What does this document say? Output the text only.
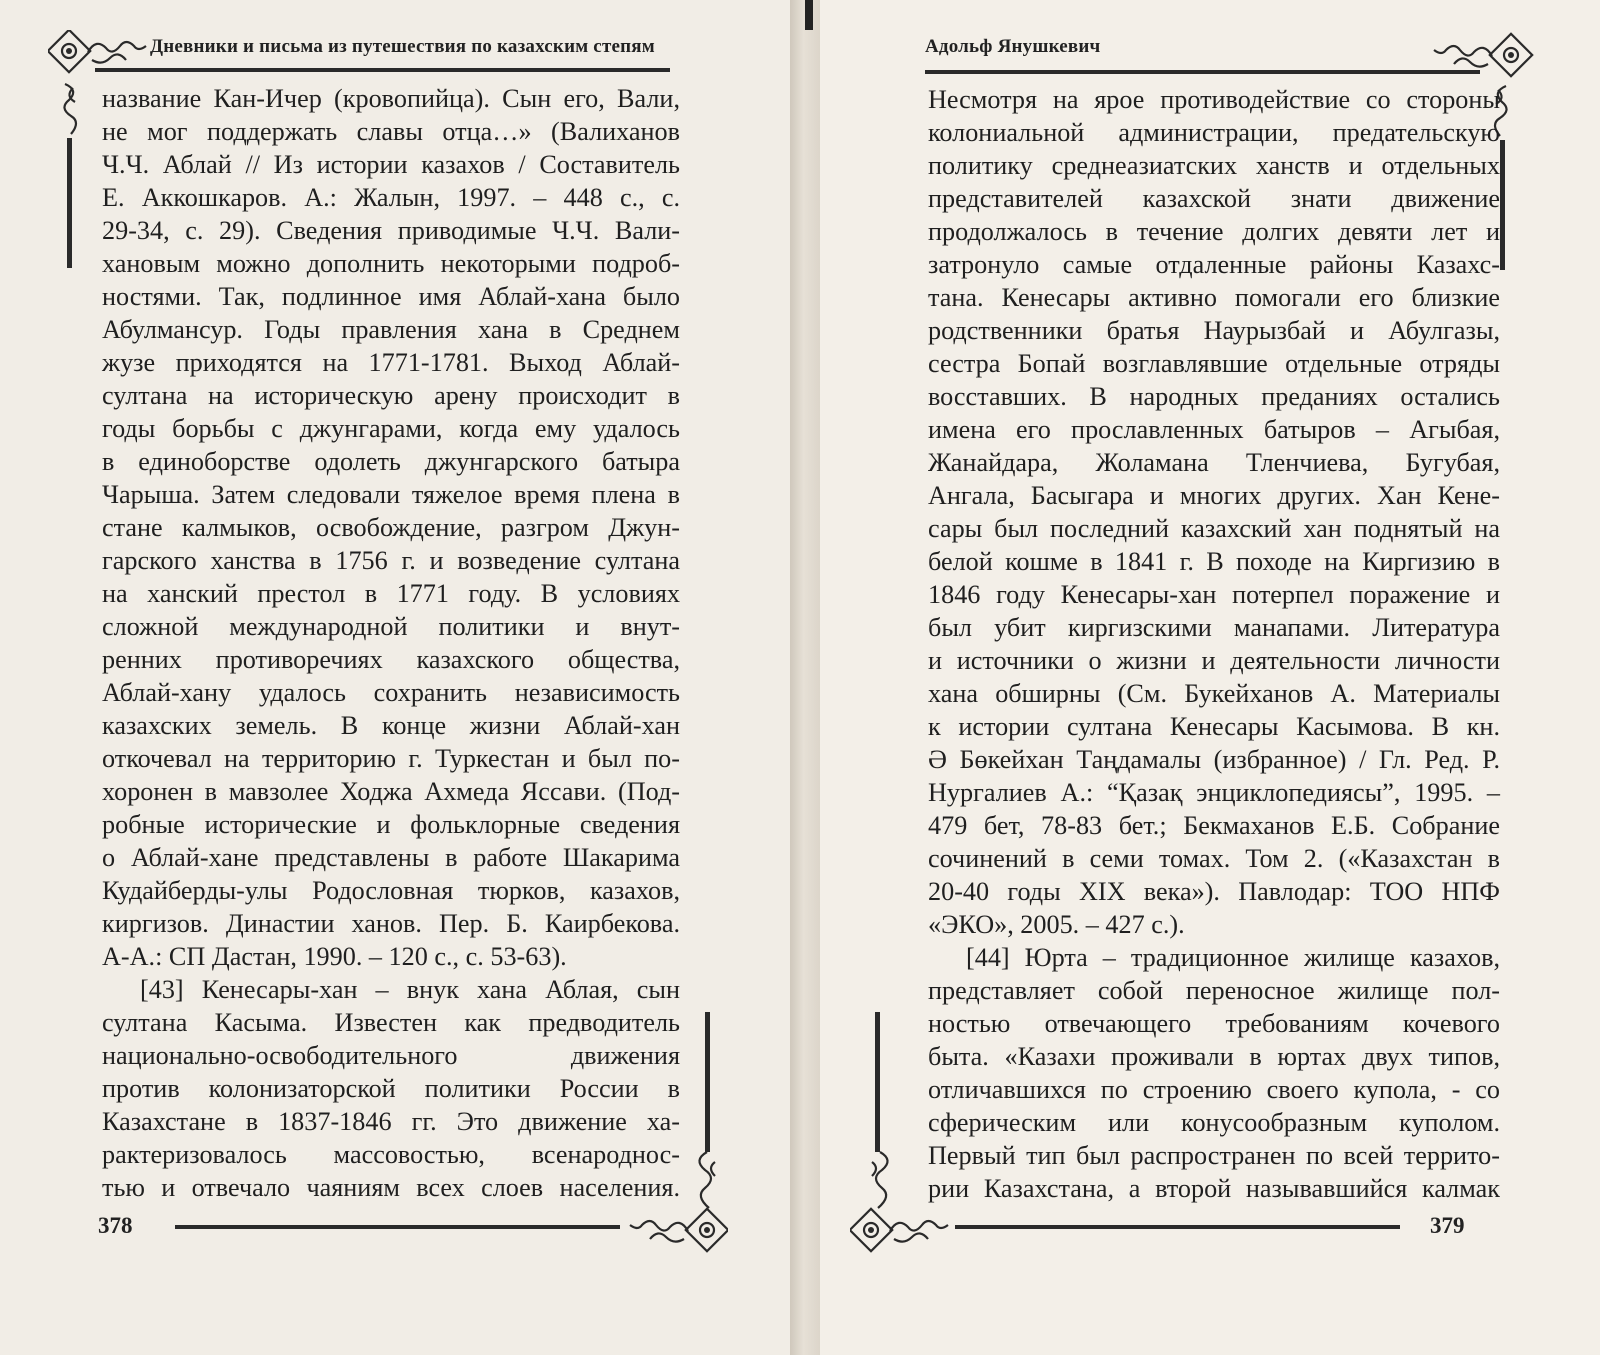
Дневники и письма из путешествия по казахским степям

название Кан-Ичер (кровопийца). Сын его, Вали,
не мог поддержать славы отца…» (Валиханов
Ч.Ч. Аблай // Из истории казахов / Составитель
Е. Аккошкаров. А.: Жалын, 1997. – 448 с., с.
29-34, с. 29). Сведения приводимые Ч.Ч. Вали-
хановым можно дополнить некоторыми подроб-
ностями. Так, подлинное имя Аблай-хана было
Абулмансур. Годы правления хана в Среднем
жузе приходятся на 1771-1781. Выход Аблай-
султана на историческую арену происходит в
годы борьбы с джунгарами, когда ему удалось
в единоборстве одолеть джунгарского батыра
Чарыша. Затем следовали тяжелое время плена в
стане калмыков, освобождение, разгром Джун-
гарского ханства в 1756 г. и возведение султана
на ханский престол в 1771 году. В условиях
сложной международной политики и внут-
ренних противоречиях казахского общества,
Аблай-хану удалось сохранить независимость
казахских земель. В конце жизни Аблай-хан
откочевал на территорию г. Туркестан и был по-
хоронен в мавзолее Ходжа Ахмеда Яссави. (Под-
робные исторические и фольклорные сведения
о Аблай-хане представлены в работе Шакарима
Кудайберды-улы Родословная тюрков, казахов,
киргизов. Династии ханов. Пер. Б. Каирбекова.
А-А.: СП Дастан, 1990. – 120 с., с. 53-63).

[43] Кенесары-хан – внук хана Аблая, сын
султана Касыма. Известен как предводитель
национально-освободительного движения
против колонизаторской политики России в
Казахстане в 1837-1846 гг. Это движение ха-
рактеризовалось массовостью, всенароднос-
тью и отвечало чаяниям всех слоев населения.

378
Адольф Янушкевич

Несмотря на ярое противодействие со стороны
колониальной администрации, предательскую
политику среднеазиатских ханств и отдельных
представителей казахской знати движение
продолжалось в течение долгих девяти лет и
затронуло самые отдаленные районы Казахс-
тана. Кенесары активно помогали его близкие
родственники братья Наурызбай и Абулгазы,
сестра Бопай возглавлявшие отдельные отряды
восставших. В народных преданиях остались
имена его прославленных батыров – Агыбая,
Жанайдара, Жоламана Тленчиева, Бугубая,
Ангала, Басыгара и многих других. Хан Кене-
сары был последний казахский хан поднятый на
белой кошме в 1841 г. В походе на Киргизию в
1846 году Кенесары-хан потерпел поражение и
был убит киргизскими манапами. Литература
и источники о жизни и деятельности личности
хана обширны (См. Букейханов А. Материалы
к истории султана Кенесары Касымова. В кн.
Ә Бөкейхан Таңдамалы (избранное) / Гл. Ред. Р.
Нургалиев А.: “Қазақ энциклопедиясы”, 1995. –
479 бет, 78-83 бет.; Бекмаханов Е.Б. Собрание
сочинений в семи томах. Том 2. («Казахстан в
20-40 годы XIX века»). Павлодар: ТОО НПФ
«ЭКО», 2005. – 427 с.).

[44] Юрта – традиционное жилище казахов,
представляет собой переносное жилище пол-
ностью отвечающего требованиям кочевого
быта. «Казахи проживали в юртах двух типов,
отличавшихся по строению своего купола, - со
сферическим или конусообразным куполом.
Первый тип был распространен по всей террито-
рии Казахстана, а второй называвшийся калмак

379
